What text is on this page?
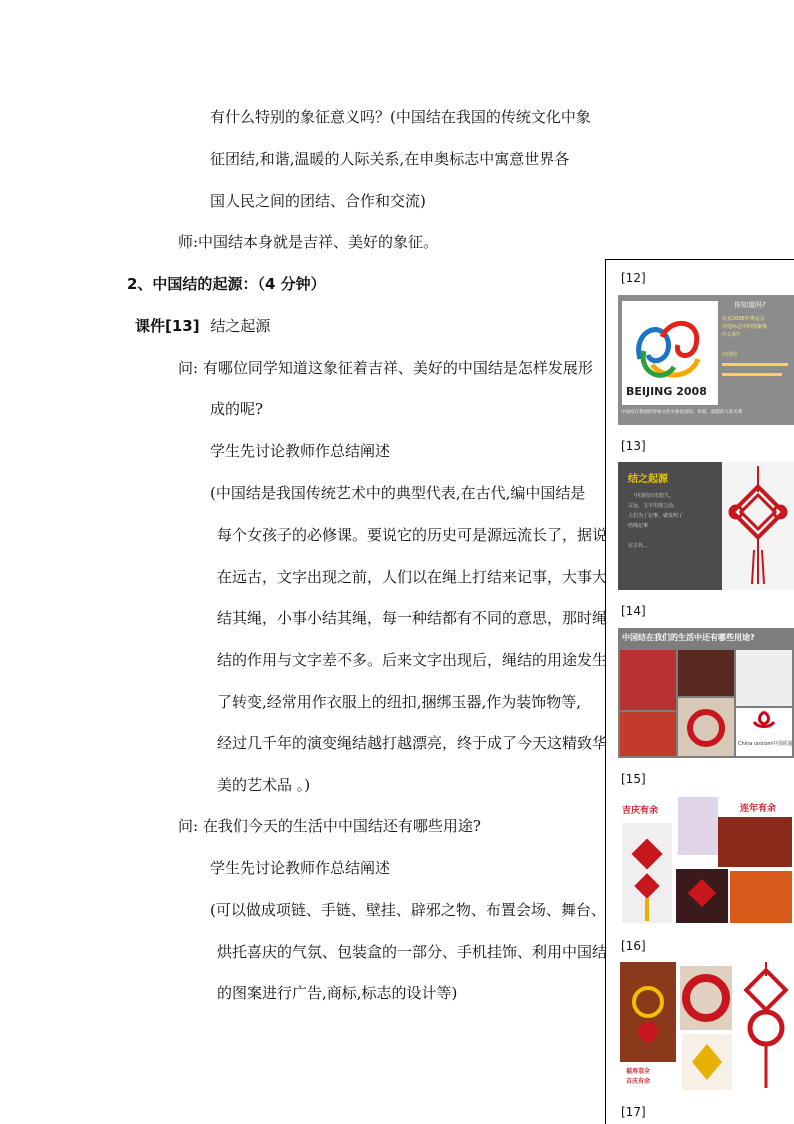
有什么特别的象征意义吗？(中国结在我国的传统文化中象
征团结,和谐,温暖的人际关系,在申奥标志中寓意世界各
国人民之间的团结、合作和交流)
师:中国结本身就是吉祥、美好的象征。
2、中国结的起源：（4 分钟）
课件[13] 结之起源
问: 有哪位同学知道这象征着吉祥、美好的中国结是怎样发展形
成的呢?
学生先讨论教师作总结阐述
(中国结是我国传统艺术中的典型代表,在古代,编中国结是
每个女孩子的必修课。要说它的历史可是源远流长了，据说
在远古，文字出现之前，人们以在绳上打结来记事，大事大
结其绳，小事小结其绳，每一种结都有不同的意思，那时绳
结的作用与文字差不多。后来文字出现后，绳结的用途发生
了转变,经常用作衣服上的纽扣,捆绑玉器,作为装饰物等,
经过几千年的演变绳结越打越漂亮，终于成了今天这精致华
美的艺术品 。)
问: 在我们今天的生活中中国结还有哪些用途?
学生先讨论教师作总结阐述
(可以做成项链、手链、壁挂、辟邪之物、布置会场、舞台、
烘托喜庆的气氛、包装盒的一部分、手机挂饰、利用中国结
的图案进行广告,商标,标志的设计等)
[12]
BEIJING 2008
你知道吗?
北京2008年奥运会
中选标志中的图案像
什么呢?
中国结
中国结在我国的传统文化中象征团结、和谐、温暖的人际关系
[13]
结之起源
中国结历史悠久，
古远，文字出现之前，
人们为了记事，就发明了
结绳记事
在古代…
[14]
中国结在我们的生活中还有哪些用途?
China unicom中国联通
[15]
吉庆有余	连年有余
[16]
福寿双全
吉庆有余
[17]
